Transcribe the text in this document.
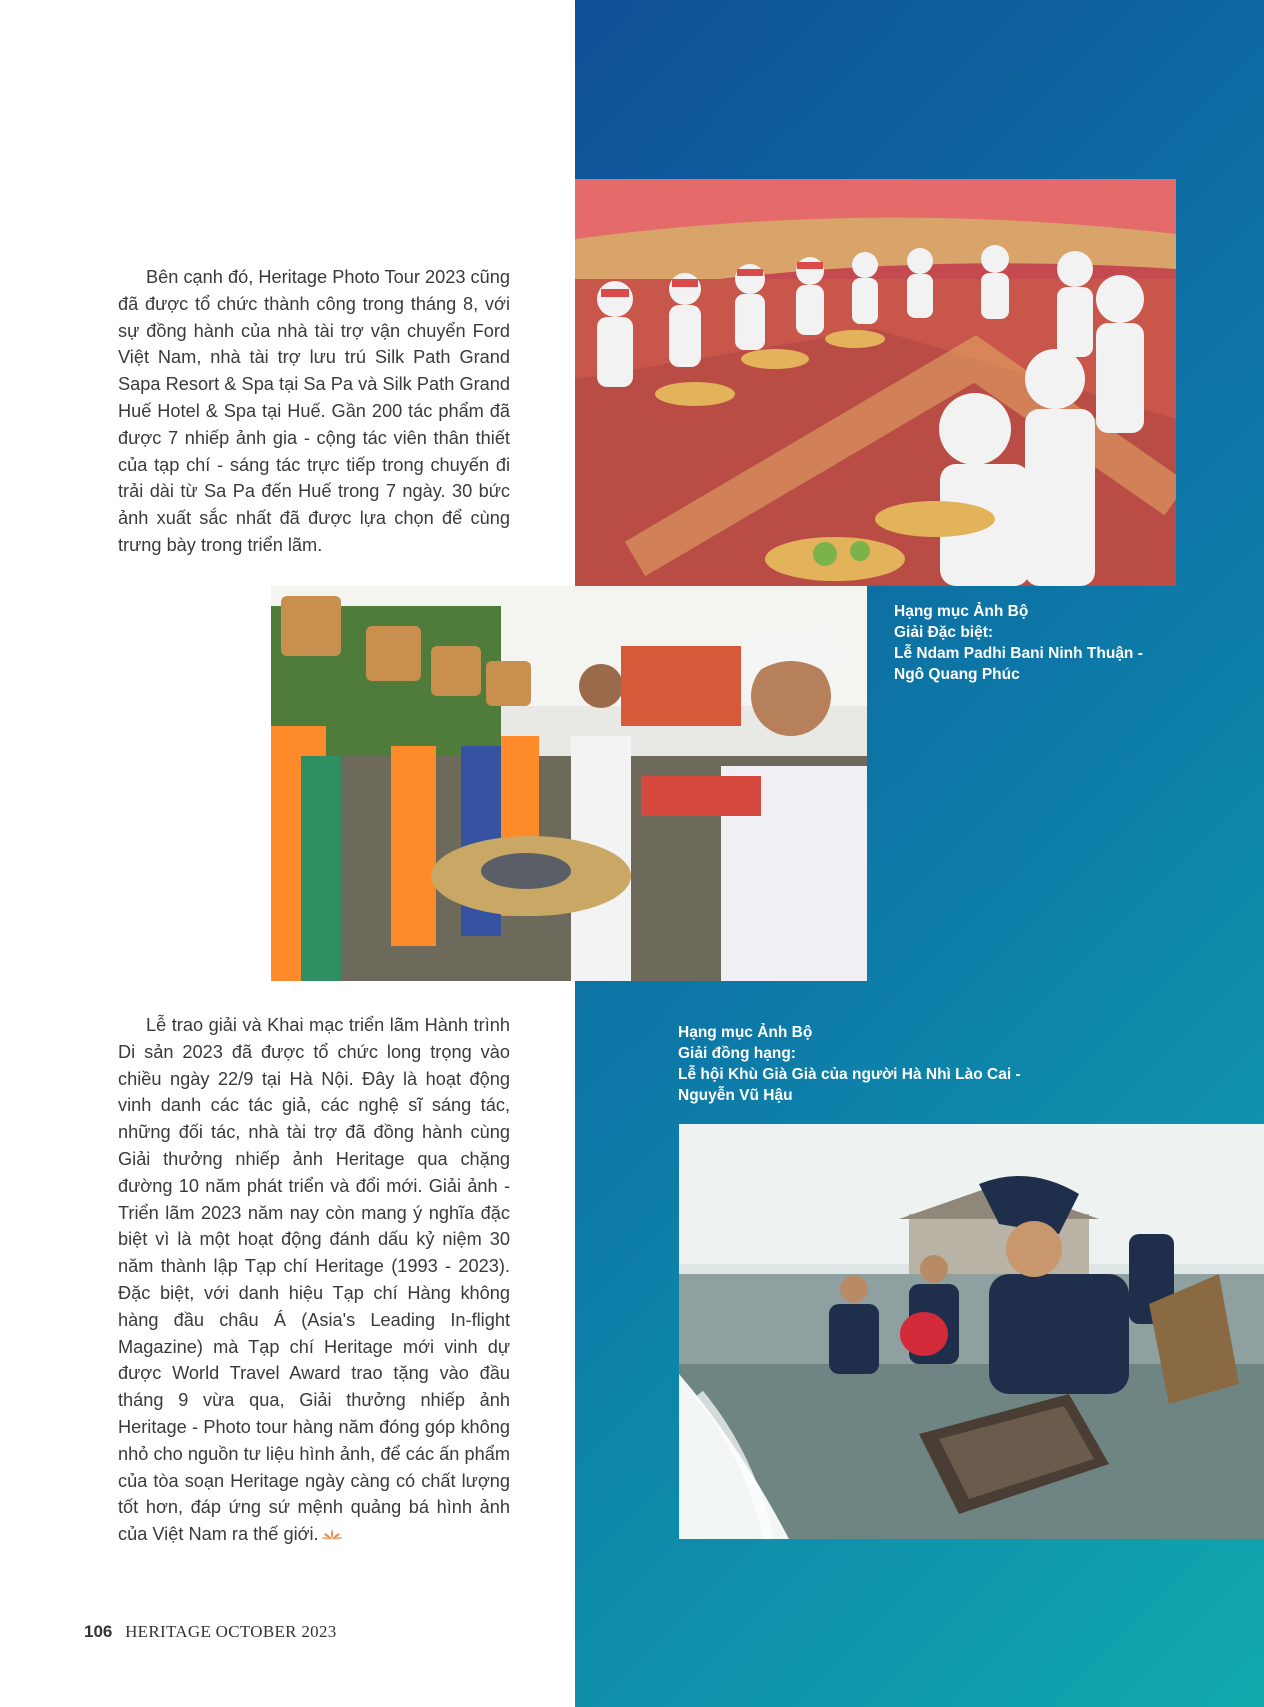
Bên cạnh đó, Heritage Photo Tour 2023 cũng đã được tổ chức thành công trong tháng 8, với sự đồng hành của nhà tài trợ vận chuyển Ford Việt Nam, nhà tài trợ lưu trú Silk Path Grand Sapa Resort & Spa tại Sa Pa và Silk Path Grand Huế Hotel & Spa tại Huế. Gần 200 tác phẩm đã được 7 nhiếp ảnh gia - cộng tác viên thân thiết của tạp chí - sáng tác trực tiếp trong chuyến đi trải dài từ Sa Pa đến Huế trong 7 ngày. 30 bức ảnh xuất sắc nhất đã được lựa chọn để cùng trưng bày trong triển lãm.

Lễ trao giải và Khai mạc triển lãm Hành trình Di sản 2023 đã được tổ chức long trọng vào chiều ngày 22/9 tại Hà Nội. Đây là hoạt động vinh danh các tác giả, các nghệ sĩ sáng tác, những đối tác, nhà tài trợ đã đồng hành cùng Giải thưởng nhiếp ảnh Heritage qua chặng đường 10 năm phát triển và đổi mới. Giải ảnh - Triển lãm 2023 năm nay còn mang ý nghĩa đặc biệt vì là một hoạt động đánh dấu kỷ niệm 30 năm thành lập Tạp chí Heritage (1993 - 2023). Đặc biệt, với danh hiệu Tạp chí Hàng không hàng đầu châu Á (Asia's Leading In-flight Magazine) mà Tạp chí Heritage mới vinh dự được World Travel Award trao tặng vào đầu tháng 9 vừa qua, Giải thưởng nhiếp ảnh Heritage - Photo tour hàng năm đóng góp không nhỏ cho nguồn tư liệu hình ảnh, để các ấn phẩm của tòa soạn Heritage ngày càng có chất lượng tốt hơn, đáp ứng sứ mệnh quảng bá hình ảnh của Việt Nam ra thế giới.

Hạng mục Ảnh Bộ
Giải Đặc biệt:
Lễ Ndam Padhi Bani Ninh Thuận -
Ngô Quang Phúc
Hạng mục Ảnh Bộ
Giải đồng hạng:
Lễ hội Khù Già Già của người Hà Nhì Lào Cai -
Nguyễn Vũ Hậu
106 HERITAGE OCTOBER 2023
